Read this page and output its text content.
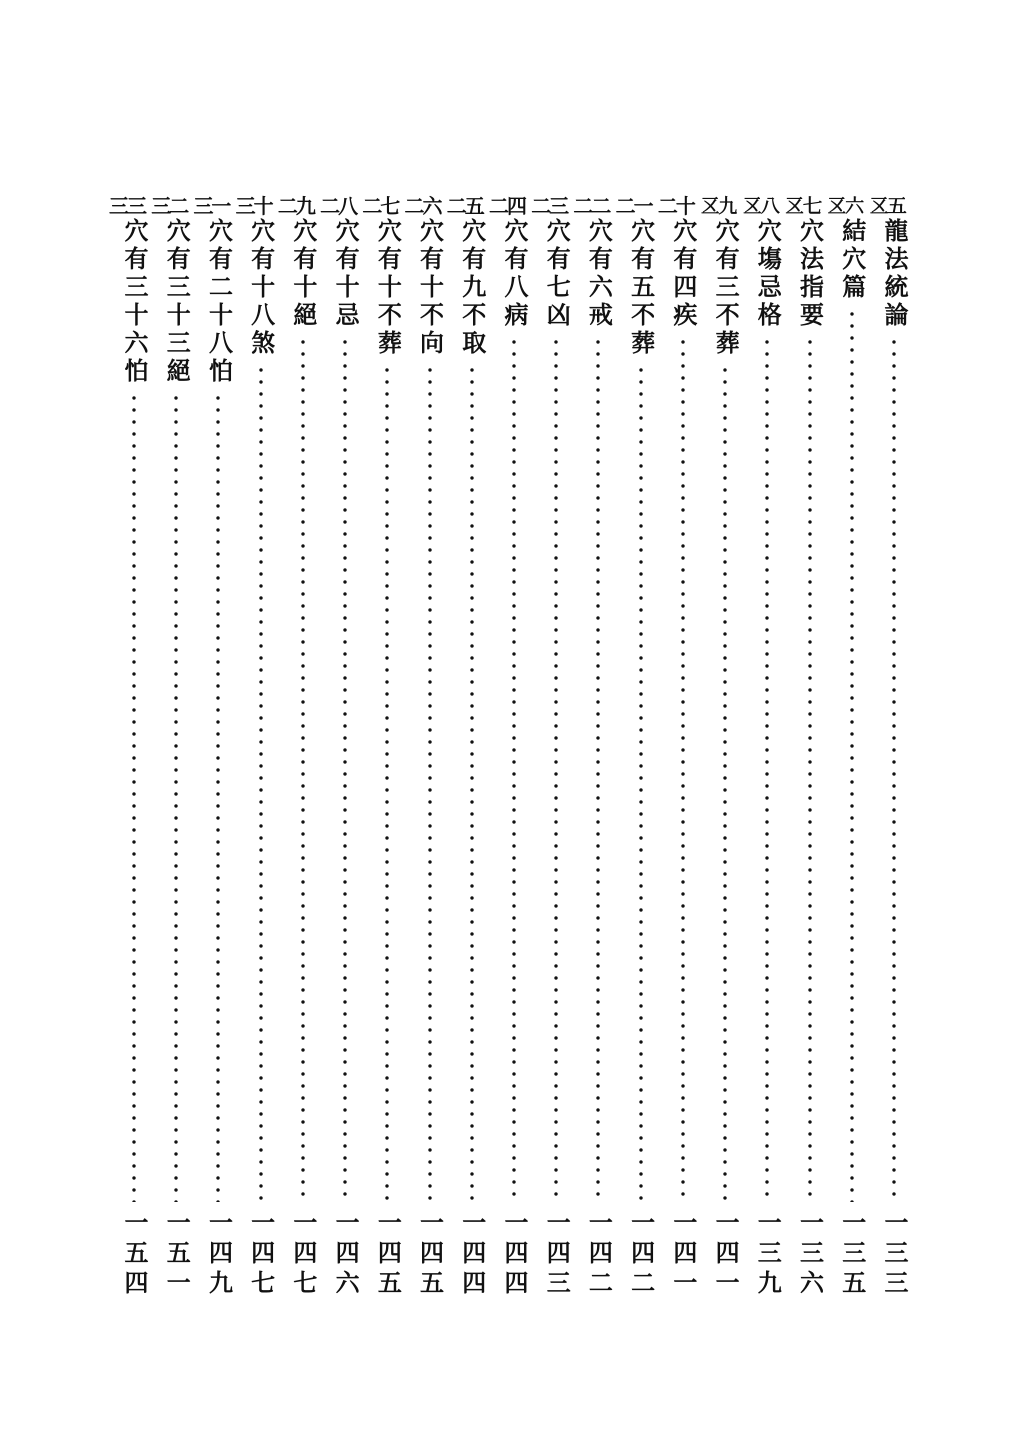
𠄡五
龍法統論
一三三
𠄡六
結穴篇
一三五
𠄡七
穴法指要
一三六
𠄡八
穴塲忌格
一三九
𠄡九
穴有三不葬
一四一
二十
穴有四疾
一四一
二一
穴有五不葬
一四二
二二
穴有六戒
一四二
二三
穴有七凶
一四三
二四
穴有八病
一四四
二五
穴有九不取
一四四
二六
穴有十不向
一四五
二七
穴有十不葬
一四五
二八
穴有十忌
一四六
二九
穴有十絕
一四七
三十
穴有十八煞
一四七
三一
穴有二十八怕
一四九
三二
穴有三十三絕
一五一
三三
穴有三十六怕
一五四
